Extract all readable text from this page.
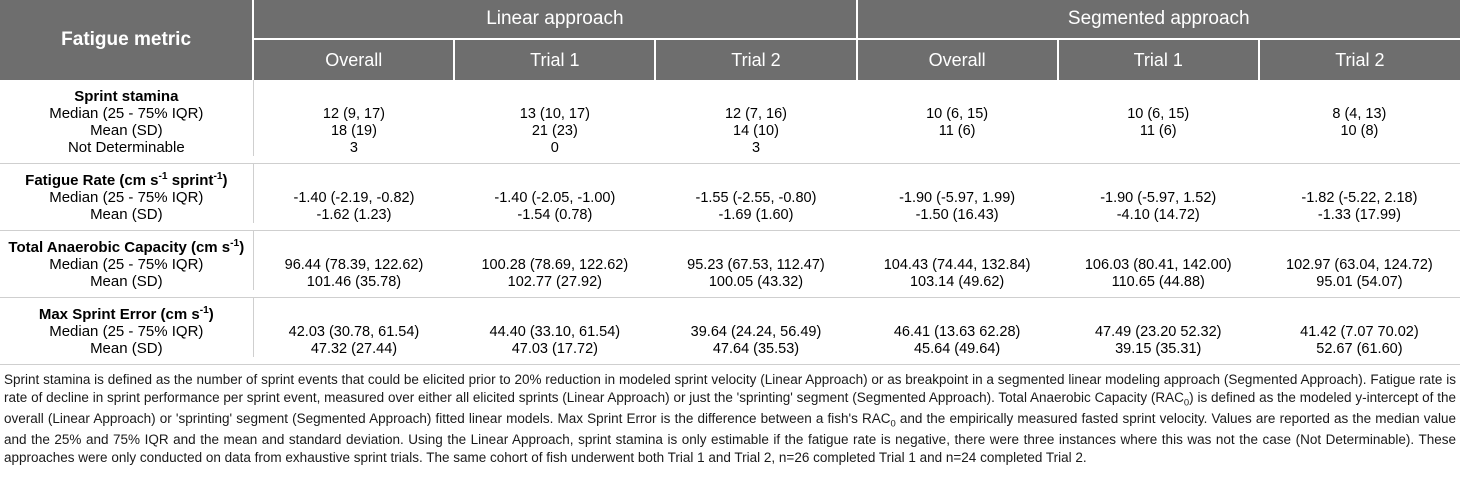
Fatigue metric	Linear approach			Segmented approach		
	Overall	Trial 1	Trial 2	Overall	Trial 1	Trial 2
Sprint stamina						
Median (25 - 75% IQR)	12 (9, 17)	13 (10, 17)	12 (7, 16)	10 (6, 15)	10 (6, 15)	8 (4, 13)
Mean (SD)	18 (19)	21 (23)	14 (10)	11 (6)	11 (6)	10 (8)
Not Determinable	3	0	3			

Fatigue Rate (cm $s^{-1}$ sprint$^{-1}$)						
Median (25 - 75% IQR)	-1.40 (-2.19, -0.82)	-1.40 (-2.05, -1.00)	-1.55 (-2.55, -0.80)	-1.90 (-5.97, 1.99)	-1.90 (-5.97, 1.52)	-1.82 (-5.22, 2.18)
Mean (SD)	-1.62 (1.23)	-1.54 (0.78)	-1.69 (1.60)	-1.50 (16.43)	-4.10 (14.72)	-1.33 (17.99)

Total Anaerobic Capacity (cm $s^{-1}$)						
Median (25 - 75% IQR)	96.44 (78.39, 122.62)	100.28 (78.69, 122.62)	95.23 (67.53, 112.47)	104.43 (74.44, 132.84)	106.03 (80.41, 142.00)	102.97 (63.04, 124.72)
Mean (SD)	101.46 (35.78)	102.77 (27.92)	100.05 (43.32)	103.14 (49.62)	110.65 (44.88)	95.01 (54.07)

Max Sprint Error (cm $s^{-1}$)						
Median (25 - 75% IQR)	42.03 (30.78, 61.54)	44.40 (33.10, 61.54)	39.64 (24.24, 56.49)	46.41 (13.63 62.28)	47.49 (23.20 52.32)	41.42 (7.07 70.02)
Mean (SD)	47.32 (27.44)	47.03 (17.72)	47.64 (35.53)	45.64 (49.64)	39.15 (35.31)	52.67 (61.60)

Sprint stamina is defined as the number of sprint events that could be elicited prior to 20% reduction in modeled sprint velocity (Linear Approach) or as breakpoint in a segmented linear modeling approach (Segmented Approach). Fatigue rate is rate of decline in sprint performance per sprint event, measured over either all elicited sprints (Linear Approach) or just the 'sprinting' segment (Segmented Approach). Total Anaerobic Capacity $(RAC_0)$ is defined as the modeled y-intercept of the overall (Linear Approach) or 'sprinting' segment (Segmented Approach) fitted linear models. Max Sprint Error is the difference between a fish's $RAC_0$ and the empirically measured fasted sprint velocity. Values are reported as the median value and the 25% and 75% IQR and the mean and standard deviation. Using the Linear Approach, sprint stamina is only estimable if the fatigue rate is negative, there were three instances where this was not the case (Not Determinable). These approaches were only conducted on data from exhaustive sprint trials. The same cohort of fish underwent both Trial 1 and Trial 2, n=26 completed Trial 1 and n=24 completed Trial 2.
